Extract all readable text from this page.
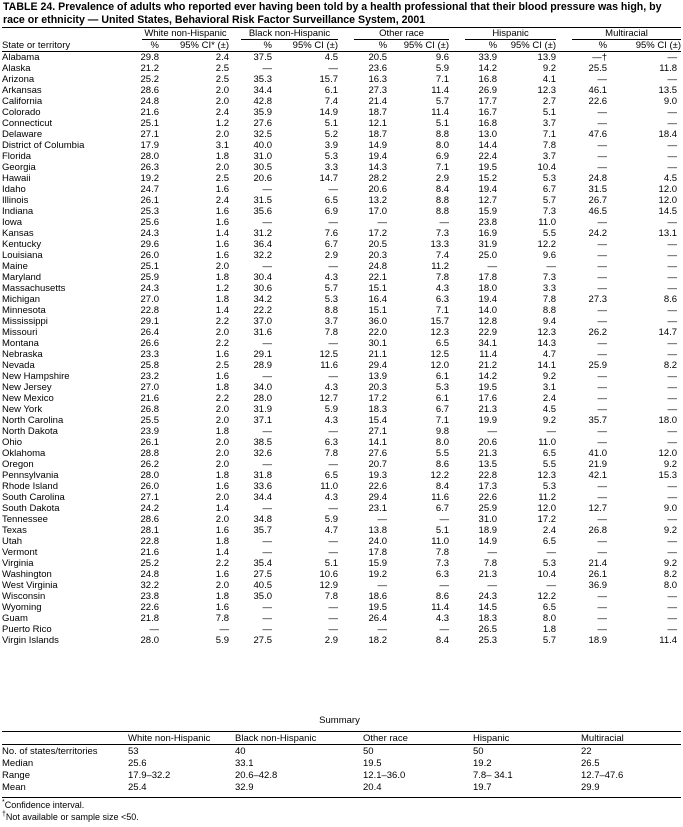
TABLE 24. Prevalence of adults who reported ever having been told by a health professional that their blood pressure was high, by race or ethnicity — United States, Behavioral Risk Factor Surveillance System, 2001

	White non-Hispanic		Black non-Hispanic		Other race		Hispanic		Multiracial	

State or territory	%	95% CI* (±)	%	95% CI (±)	%	95% CI (±)	%	95% CI (±)	%	95% CI (±)
Alabama	29.8	2.4	37.5	4.5	20.5	9.6	33.9	13.9	—†	—
Alaska	21.2	2.5	—	—	23.6	5.9	14.2	9.2	25.5	11.8
Arizona	25.2	2.5	35.3	15.7	16.3	7.1	16.8	4.1	—	—
Arkansas	28.6	2.0	34.4	6.1	27.3	11.4	26.9	12.3	46.1	13.5
California	24.8	2.0	42.8	7.4	21.4	5.7	17.7	2.7	22.6	9.0
Colorado	21.6	2.4	35.9	14.9	18.7	11.4	16.7	5.1	—	—
Connecticut	25.1	1.2	27.6	5.1	12.1	5.1	16.8	3.7	—	—
Delaware	27.1	2.0	32.5	5.2	18.7	8.8	13.0	7.1	47.6	18.4
District of Columbia	17.9	3.1	40.0	3.9	14.9	8.0	14.4	7.8	—	—
Florida	28.0	1.8	31.0	5.3	19.4	6.9	22.4	3.7	—	—
Georgia	26.3	2.0	30.5	3.3	14.3	7.1	19.5	10.4	—	—
Hawaii	19.2	2.5	20.6	14.7	28.2	2.9	15.2	5.3	24.8	4.5
Idaho	24.7	1.6	—	—	20.6	8.4	19.4	6.7	31.5	12.0
Illinois	26.1	2.4	31.5	6.5	13.2	8.8	12.7	5.7	26.7	12.0
Indiana	25.3	1.6	35.6	6.9	17.0	8.8	15.9	7.3	46.5	14.5
Iowa	25.6	1.6	—	—	—	—	23.8	11.0	—	—
Kansas	24.3	1.4	31.2	7.6	17.2	7.3	16.9	5.5	24.2	13.1
Kentucky	29.6	1.6	36.4	6.7	20.5	13.3	31.9	12.2	—	—
Louisiana	26.0	1.6	32.2	2.9	20.3	7.4	25.0	9.6	—	—
Maine	25.1	2.0	—	—	24.8	11.2	—	—	—	—
Maryland	25.9	1.8	30.4	4.3	22.1	7.8	17.8	7.3	—	—
Massachusetts	24.3	1.2	30.6	5.7	15.1	4.3	18.0	3.3	—	—
Michigan	27.0	1.8	34.2	5.3	16.4	6.3	19.4	7.8	27.3	8.6
Minnesota	22.8	1.4	22.2	8.8	15.1	7.1	14.0	8.8	—	—
Mississippi	29.1	2.2	37.0	3.7	36.0	15.7	12.8	9.4	—	—
Missouri	26.4	2.0	31.6	7.8	22.0	12.3	22.9	12.3	26.2	14.7
Montana	26.6	2.2	—	—	30.1	6.5	34.1	14.3	—	—
Nebraska	23.3	1.6	29.1	12.5	21.1	12.5	11.4	4.7	—	—
Nevada	25.8	2.5	28.9	11.6	29.4	12.0	21.2	14.1	25.9	8.2
New Hampshire	23.2	1.6	—	—	13.9	6.1	14.2	9.2	—	—
New Jersey	27.0	1.8	34.0	4.3	20.3	5.3	19.5	3.1	—	—
New Mexico	21.6	2.2	28.0	12.7	17.2	6.1	17.6	2.4	—	—
New York	26.8	2.0	31.9	5.9	18.3	6.7	21.3	4.5	—	—
North Carolina	25.5	2.0	37.1	4.3	15.4	7.1	19.9	9.2	35.7	18.0
North Dakota	23.9	1.8	—	—	27.1	9.8	—	—	—	—
Ohio	26.1	2.0	38.5	6.3	14.1	8.0	20.6	11.0	—	—
Oklahoma	28.8	2.0	32.6	7.8	27.6	5.5	21.3	6.5	41.0	12.0
Oregon	26.2	2.0	—	—	20.7	8.6	13.5	5.5	21.9	9.2
Pennsylvania	28.0	1.8	31.8	6.5	19.3	12.2	22.8	12.3	42.1	15.3
Rhode Island	26.0	1.6	33.6	11.0	22.6	8.4	17.3	5.3	—	—
South Carolina	27.1	2.0	34.4	4.3	29.4	11.6	22.6	11.2	—	—
South Dakota	24.2	1.4	—	—	23.1	6.7	25.9	12.0	12.7	9.0
Tennessee	28.6	2.0	34.8	5.9	—	—	31.0	17.2	—	—
Texas	28.1	1.6	35.7	4.7	13.8	5.1	18.9	2.4	26.8	9.2
Utah	22.8	1.8	—	—	24.0	11.0	14.9	6.5	—	—
Vermont	21.6	1.4	—	—	17.8	7.8	—	—	—	—
Virginia	25.2	2.2	35.4	5.1	15.9	7.3	7.8	5.3	21.4	9.2
Washington	24.8	1.6	27.5	10.6	19.2	6.3	21.3	10.4	26.1	8.2
West Virginia	32.2	2.0	40.5	12.9	—	—	—	—	36.9	8.0
Wisconsin	23.8	1.8	35.0	7.8	18.6	8.6	24.3	12.2	—	—
Wyoming	22.6	1.6	—	—	19.5	11.4	14.5	6.5	—	—
Guam	21.8	7.8	—	—	26.4	4.3	18.3	8.0	—	—
Puerto Rico	—	—	—	—	—	—	26.5	1.8	—	—
Virgin Islands	28.0	5.9	27.5	2.9	18.2	8.4	25.3	5.7	18.9	11.4
Summary
	White non-Hispanic	Black non-Hispanic	Other race	Hispanic	Multiracial
No. of states/territories	53	40	50	50	22
Median	25.6	33.1	19.5	19.2	26.5
Range	17.9–32.2	20.6–42.8	12.1–36.0	7.8– 34.1	12.7–47.6
Mean	25.4	32.9	20.4	19.7	29.9
*Confidence interval.
†Not available or sample size <50.
